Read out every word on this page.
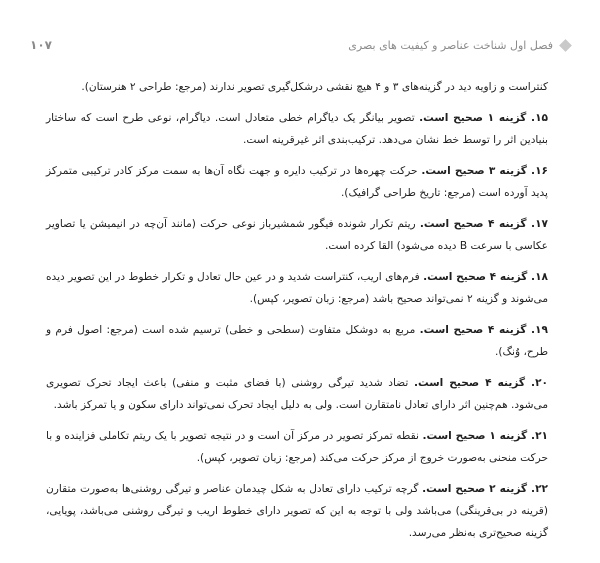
فصل اول شناخت عناصر و کیفیت های بصری
۱۰۷

کنتراست و زاویه دید در گزینه‌های ۳ و ۴ هیچ نقشی درشکل‌گیری تصویر ندارند (مرجع: طراحی ۲ هنرستان).

۱۵. گزینه ۱ صحیح است. تصویر بیانگر یک دیاگرام خطی متعادل است. دیاگرام، نوعی طرح است که ساختار بنیادین اثر را توسط خط نشان می‌دهد. ترکیب‌بندی اثر غیرقرینه است.

۱۶. گزینه ۳ صحیح است. حرکت چهره‌ها در ترکیب دایره و جهت نگاه آن‌ها به سمت مرکز کادر ترکیبی متمرکز پدید آورده است (مرجع: تاریخ طراحی گرافیک).

۱۷. گزینه ۴ صحیح است. ریتم تکرار شونده فیگور شمشیرباز نوعی حرکت (مانند آن‌چه در انیمیشن یا تصاویر عکاسی با سرعت B دیده می‌شود) القا کرده است.

۱۸. گزینه ۴ صحیح است. فرم‌های اریب، کنتراست شدید و در عین حال تعادل و تکرار خطوط در این تصویر دیده می‌شوند و گزینه ۲ نمی‌تواند صحیح باشد (مرجع: زبان تصویر، کپس).

۱۹. گزینه ۴ صحیح است. مربع به دوشکل متفاوت (سطحی و خطی) ترسیم شده است (مرجع: اصول فرم و طرح، وُنگ).

۲۰. گزینه ۴ صحیح است. تضاد شدید تیرگی روشنی (با فضای مثبت و منفی) باعث ایجاد تحرک تصویری می‌شود. هم‌چنین اثر دارای تعادل نامتقارن است. ولی به دلیل ایجاد تحرک نمی‌تواند دارای سکون و یا تمرکز باشد.

۲۱. گزینه ۱ صحیح است. نقطه تمرکز تصویر در مرکز آن است و در نتیجه تصویر با یک ریتم تکاملی فزاینده و با حرکت منحنی به‌صورت خروج از مرکز حرکت می‌کند (مرجع: زبان تصویر، کپس).

۲۲. گزینه ۲ صحیح است. گرچه ترکیب دارای تعادل به شکل چیدمان عناصر و تیرگی روشنی‌ها به‌صورت متقارن (قرینه در بی‌قرینگی) می‌باشد ولی با توجه به این که تصویر دارای خطوط اریب و تیرگی روشنی می‌باشد، پویایی، گزینه صحیح‌تری به‌نظر می‌رسد.
